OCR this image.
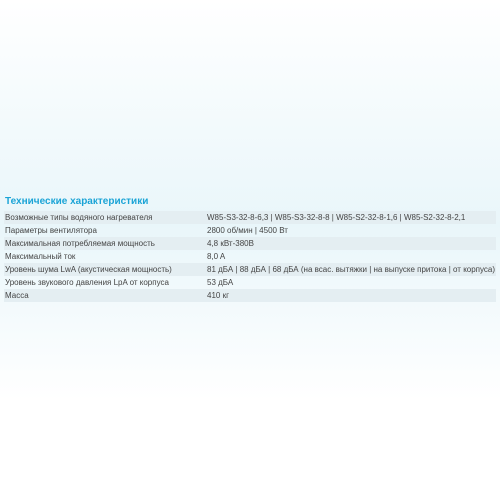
Технические характеристики
Возможные типы водяного нагревателя	W85-S3-32-8-6,3 | W85-S3-32-8-8 | W85-S2-32-8-1,6 | W85-S2-32-8-2,1
Параметры вентилятора	2800 об/мин | 4500 Вт
Максимальная потребляемая мощность	4,8 кВт-380В
Максимальный ток	8,0 A
Уровень шума LwA (акустическая мощность)	81 дБА | 88 дБА | 68 дБА (на всас. вытяжки | на выпуске притока | от корпуса)
Уровень звукового давления LpA от корпуса	53 дБА
Масса	410 кг
